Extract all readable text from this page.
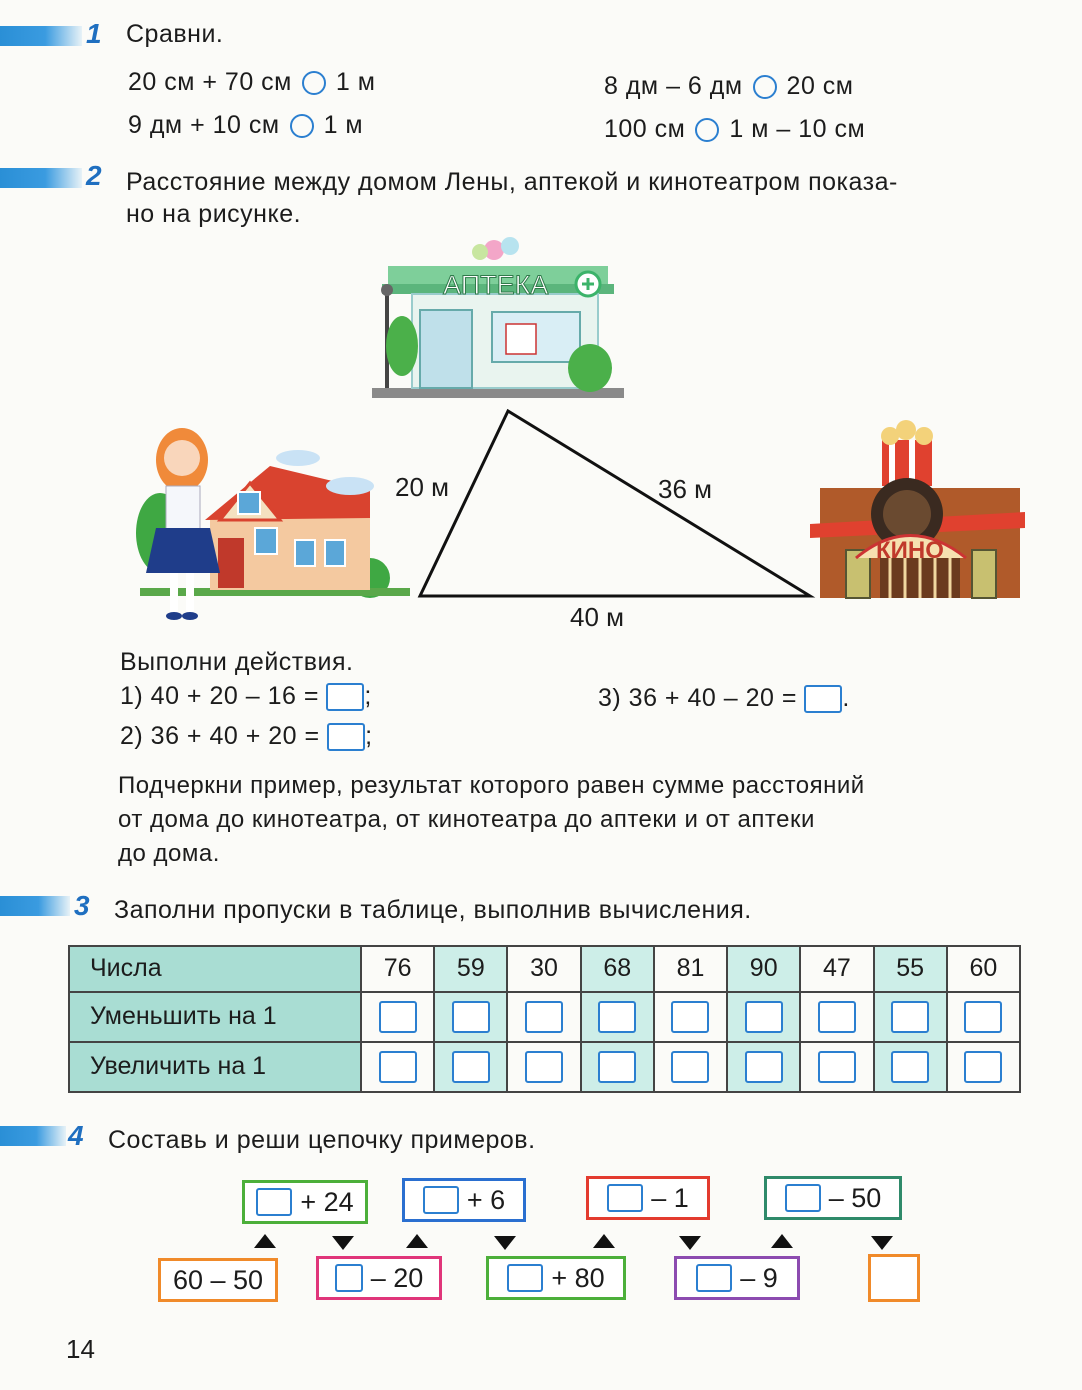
1 Сравни.
20 см + 70 см 1 м
9 дм + 10 см 1 м
8 дм – 6 дм 20 см
100 см 1 м – 10 см
2 Расстояние между домом Лены, аптекой и кинотеатром показа-
но на рисунке.
АПТЕКА
КИНО
20 м	36 м
40 м
Выполни действия.
1) 40 + 20 – 16 = ;
2) 36 + 40 + 20 = ;
3) 36 + 40 – 20 = .
Подчеркни пример, результат которого равен сумме расстояний
от дома до кинотеатра, от кинотеатра до аптеки и от аптеки
до дома.
3 Заполни пропуски в таблице, выполнив вычисления.
Числа	76	59	30	68	81	90	47	55	60
Уменьшить на 1									
Увеличить на 1									
4 Составь и реши цепочку примеров.
+ 24	+ 6	– 1	– 50
60 – 50	– 20	+ 80	– 9
14
